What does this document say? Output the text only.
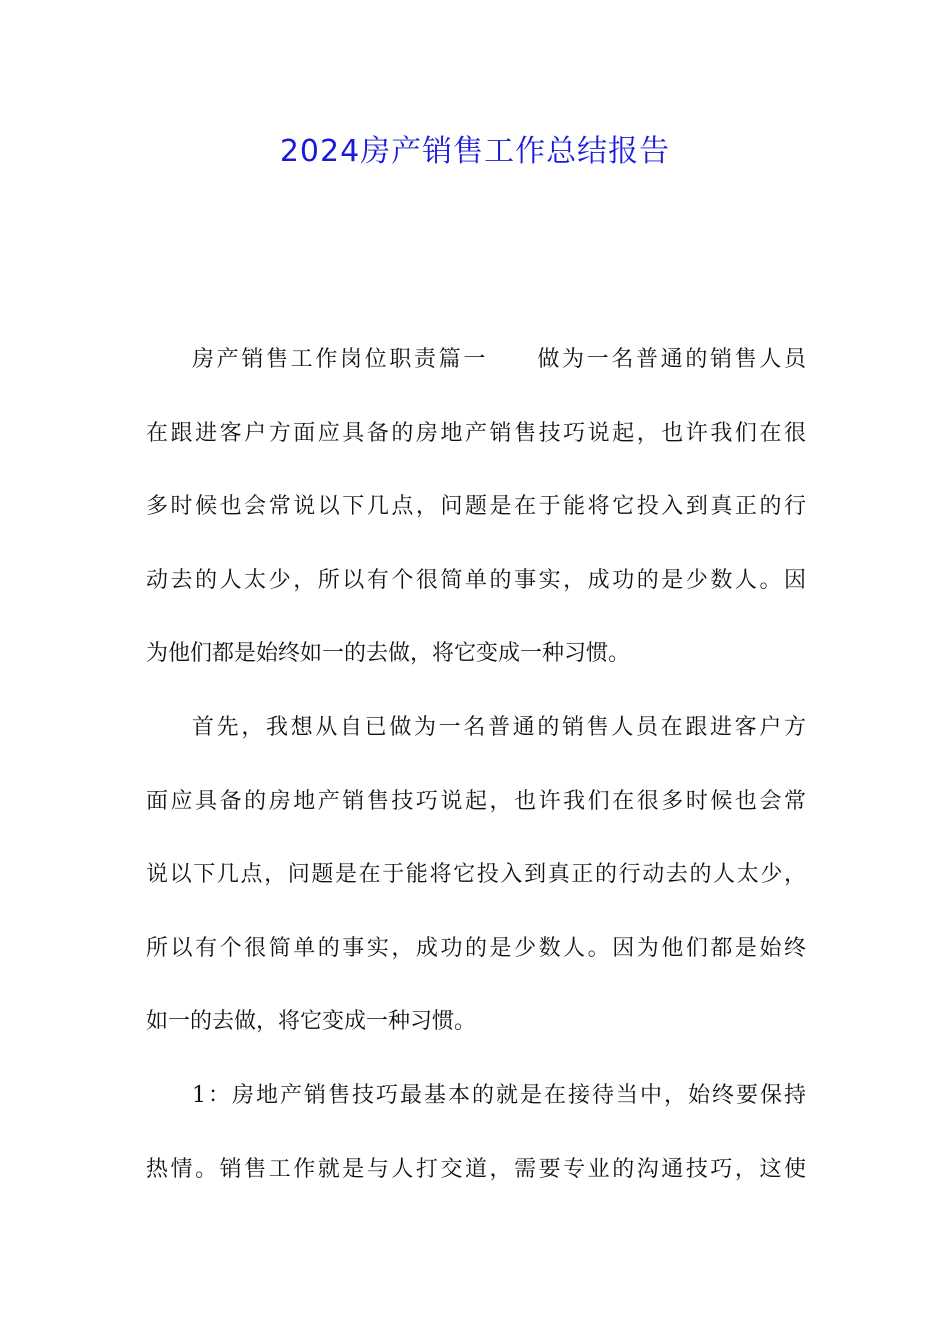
2024房产销售工作总结报告
房产销售工作岗位职责篇一　　做为一名普通的销售人员
在跟进客户方面应具备的房地产销售技巧说起，也许我们在很
多时候也会常说以下几点，问题是在于能将它投入到真正的行
动去的人太少，所以有个很简单的事实，成功的是少数人。因
为他们都是始终如一的去做，将它变成一种习惯。
首先，我想从自已做为一名普通的销售人员在跟进客户方
面应具备的房地产销售技巧说起，也许我们在很多时候也会常
说以下几点，问题是在于能将它投入到真正的行动去的人太少，
所以有个很简单的事实，成功的是少数人。因为他们都是始终
如一的去做，将它变成一种习惯。
1：房地产销售技巧最基本的就是在接待当中，始终要保持
热情。销售工作就是与人打交道，需要专业的沟通技巧，这使
